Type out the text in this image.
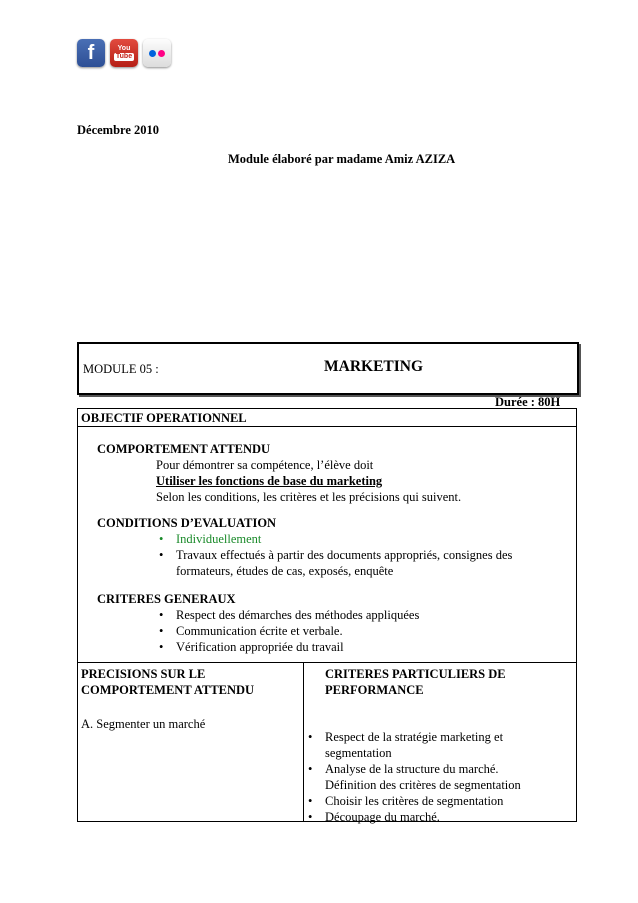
f	You
Tube
Décembre 2010
Module élaboré par madame Amiz AZIZA
MODULE 05 :	MARKETING
Durée : 80H
OBJECTIF OPERATIONNEL
COMPORTEMENT ATTENDU
Pour démontrer sa compétence, l’élève doit
Utiliser les fonctions de base du marketing
Selon les conditions, les critères et les précisions qui suivent.
CONDITIONS D’EVALUATION
• Individuellement
• Travaux effectués à partir des documents appropriés, consignes des formateurs, études de cas, exposés, enquête
CRITERES GENERAUX
• Respect des démarches des méthodes appliquées
• Communication écrite et verbale.
• Vérification appropriée du travail
PRECISIONS SUR LE
COMPORTEMENT ATTENDU
A. Segmenter un marché
CRITERES PARTICULIERS DE
PERFORMANCE
• Respect de la stratégie marketing et segmentation
• Analyse de la structure du marché. Définition des critères de segmentation
• Choisir les critères de segmentation
• Découpage du marché.
